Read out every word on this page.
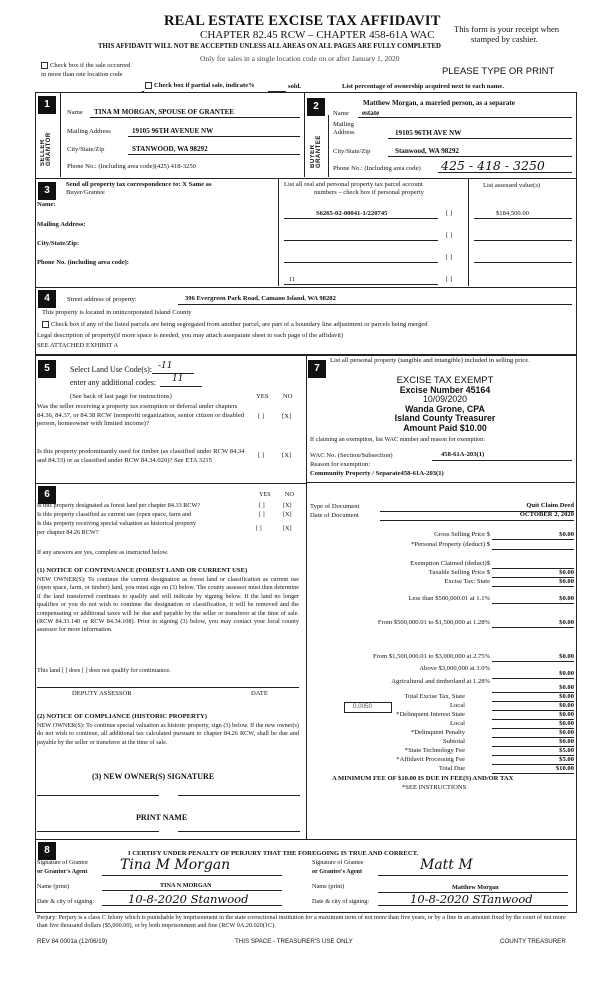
REAL ESTATE EXCISE TAX AFFIDAVIT
CHAPTER 82.45 RCW – CHAPTER 458-61A WAC
THIS AFFIDAVIT WILL NOT BE ACCEPTED UNLESS ALL AREAS ON ALL PAGES ARE FULLY COMPLETED
Only for sales in a single location code on or after January 1, 2020
This form is your receipt when
stamped by cashier.
PLEASE TYPE OR PRINT
Check box if the sale occurred
in more than one location code
Check box if partial sale, indicate%	sold.	List percentage of ownership acquired next to each name.
1
SELLER GRANTOR
Name TINA M MORGAN, SPOUSE OF GRANTEE
Mailing Address	19105 96TH AVENUE NW
City/State/Zip	STANWOOD, WA 98292
Phone No.: (Including area code)(425) 418-3250
2
BUYER GRANTEE
Matthew Morgan, a married person, as a separate
Name estate
Mailing
Address	19105 96TH AVE NW
City/State/Zip	Stanwood, WA 98292
Phone No.: (Including area code) 425 - 418 - 3250
3
Send all property tax correspondence to: X Same as
Buyer/Grantee
List all real and personal property tax parcel account
numbers – check box if personal property
List assessed value(s)
Name:
Mailing Address:
City/State/Zip:
Phone No. (including area code):
S6265-02-00041-1/220745	[ ]	$184,500.00
[ ]
[ ]
11	[ ]
4	Street address of property:	396 Evergreen Park Road, Camano Island, WA 98282
This property is located in unincorporated Island County
Check box if any of the listed parcels are being segregated from another parcel, are part of a boundary line adjustment or parcels being merged
Legal description of property(if more space is needed, you may attach asseparate sheet to each page of the affidavit)
SEE ATTACHED EXHIBIT A
5	Select Land Use Code(s): -11
enter any additional codes: 11
(See back of last page for instructions)	YES NO
Was the seller receiving a property tax exemption or deferral under chapters 84.36, 84.37, or 84.38 RCW (nonprofit organization, senior citizen or disabled person, homeowner with limited income)?
[ ]	[X]
Is this property predominantly used for timber (as classified under RCW 84.34 and 84.33) or as classified under RCW 84.34.020)? See ETA 3215
[ ]	[X]
6	YES NO
Is this property designated as forest land per chapter 84.33 RCW?	[ ]	[X]
Is this property classified as current use (open space, farm and	[ ]	[X]
Is this property receiving special valuation as historical property
per chapter 84.26 RCW?
[ ]	[X]
If any answers are yes, complete as instructed below.
(1) NOTICE OF CONTINUANCE (FOREST LAND OR CURRENT USE)
NEW OWNER(S): To continue the current designation as forest land or classification as current use (open space, farm, or timber) land, you must sign on (3) below. The county assessor must then determine if the land transferred continues to qualify and will indicate by signing below. If the land no longer qualifies or you do not wish to continue the designation or classification, it will be removed and the compensating or additional taxes will be due and payable by the seller or transferor at the time of sale. (RCW 84.33.140 or RCW 84.34.108). Prior to signing (3) below, you may contact your local county assessor for more information.
This land [ ] does [ ] does not qualify for continuance.
DEPUTY ASSESSOR	DATE
(2) NOTICE OF COMPLIANCE (HISTORIC PROPERTY)
NEW OWNER(S): To continue special valuation as historic property, sign (3) below. If the new owner(s) do not wish to continue, all additional tax calculated pursuant to chapter 84.26 RCW, shall be due and payable by the seller or transferor at the time of sale.
(3) NEW OWNER(S) SIGNATURE
PRINT NAME
7
List all personal property (tangible and intangible) included in selling price.
EXCISE TAX EXEMPT
Excise Number 45164
10/09/2020
Wanda Grone, CPA
Island County Treasurer
Amount Paid $10.00
If claiming an exemption, list WAC number and reason for exemption:
WAC No. (Section/Subsection)	458-61A-203(1)
Reason for exemption:
Community Property / Separate458-61A-203(1)
Type of Document	Quit Claim Deed
Date of Document	OCTOBER 2, 2020
Gross Selling Price $	$0.00
*Personal Property (deduct) $
Exemption Claimed (deduct)$
Taxable Selling Price $	$0.00
Excise Tax: State	$0.00
Less than $500,000.01 at 1.1%	$0.00
From $500,000.01 to $1,500,000 at 1.28%	$0.00
From $1,500,000.01 to $3,000,000 at 2.75%	$0.00
Above $3,000,000 at 3.0%
$0.00
Agricultural and timberland at 1.28%
$0.00
Total Excise Tax, State	$0.00
0.0050	Local	$0.00
*Delinquent Interest State	$0.00
Local	$0.00
*Delinquent Penalty	$0.00
Subtotal	$0.00
*State Technology Fee	$5.00
*Affidavit Processing Fee	$5.00
Total Due	$10.00
A MINIMUM FEE OF $10.00 IS DUE IN FEE(S) AND/OR TAX
*SEE INSTRUCTIONS
8	I CERTIFY UNDER PENALTY OF PERJURY THAT THE FOREGOING IS TRUE AND CORRECT.
Signature of Grantor
or Grantor's Agent Tina M Morgan
Name (print)	TINA N MORGAN
Date & city of signing:	10-8-2020 Stanwood
Signature of Grantee
or Grantee's Agent	Matt M
Name (print)	Matthew Morgan
Date & city of signing:	10-8-2020 STanwood
Perjury: Perjury is a class C felony which is punishable by imprisonment in the state correctional institution for a maximum term of not more than five years, or by a fine in an amount fixed by the court of not more than five thousand dollars ($5,000.00), or by both imprisonment and fine (RCW 9A.20.020(1C).
REV 84 0001a (12/06/19)	THIS SPACE - TREASURER'S USE ONLY	COUNTY TREASURER
